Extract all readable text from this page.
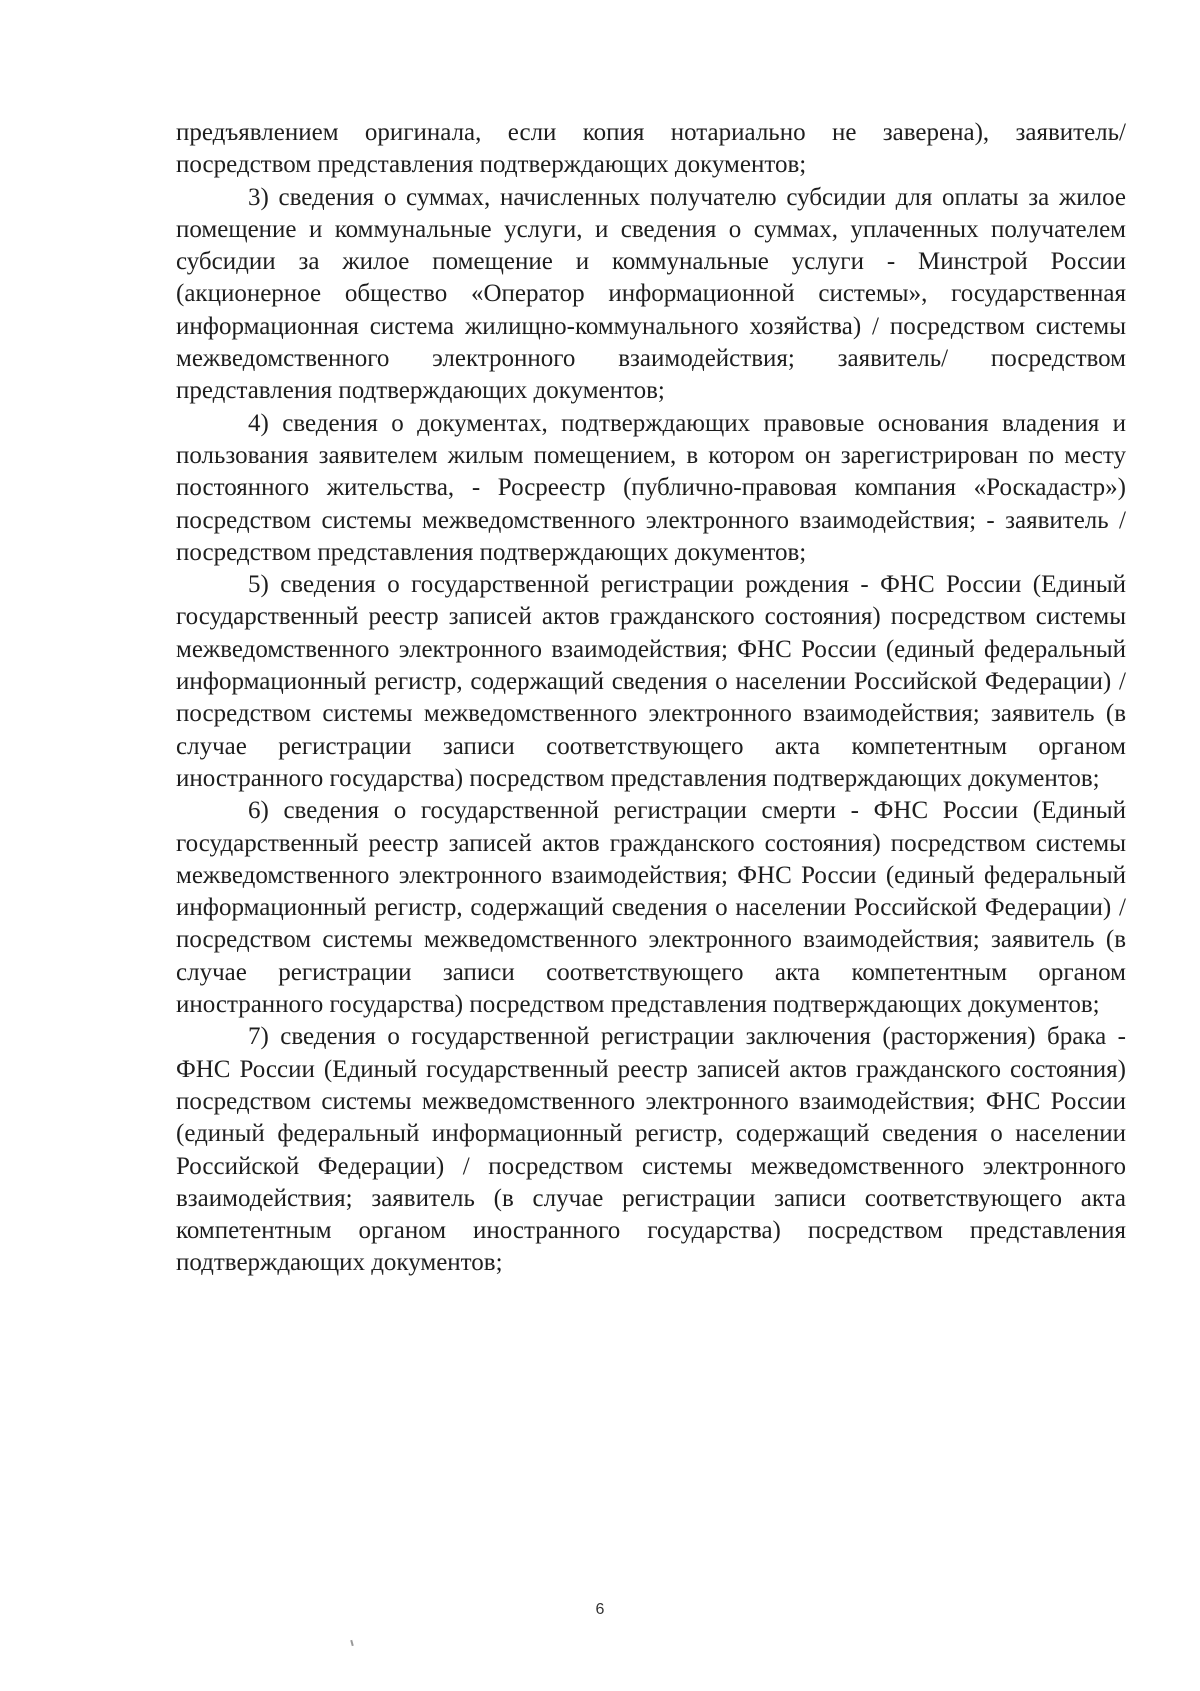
предъявлением оригинала, если копия нотариально не заверена), заявитель/ посредством представления подтверждающих документов;

3) сведения о суммах, начисленных получателю субсидии для оплаты за жилое помещение и коммунальные услуги, и сведения о суммах, уплаченных получателем субсидии за жилое помещение и коммунальные услуги - Минстрой России (акционерное общество «Оператор информационной системы», государственная информационная система жилищно-коммунального хозяйства) / посредством системы межведомственного электронного взаимодействия; заявитель/ посредством представления подтверждающих документов;

4) сведения о документах, подтверждающих правовые основания владения и пользования заявителем жилым помещением, в котором он зарегистрирован по месту постоянного жительства, - Росреестр (публично-правовая компания «Роскадастр») посредством системы межведомственного электронного взаимодействия; - заявитель / посредством представления подтверждающих документов;

5) сведения о государственной регистрации рождения - ФНС России (Единый государственный реестр записей актов гражданского состояния) посредством системы межведомственного электронного взаимодействия; ФНС России (единый федеральный информационный регистр, содержащий сведения о населении Российской Федерации) / посредством системы межведомственного электронного взаимодействия; заявитель (в случае регистрации записи соответствующего акта компетентным органом иностранного государства) посредством представления подтверждающих документов;

6) сведения о государственной регистрации смерти - ФНС России (Единый государственный реестр записей актов гражданского состояния) посредством системы межведомственного электронного взаимодействия; ФНС России (единый федеральный информационный регистр, содержащий сведения о населении Российской Федерации) / посредством системы межведомственного электронного взаимодействия; заявитель (в случае регистрации записи соответствующего акта компетентным органом иностранного государства) посредством представления подтверждающих документов;

7) сведения о государственной регистрации заключения (расторжения) брака - ФНС России (Единый государственный реестр записей актов гражданского состояния) посредством системы межведомственного электронного взаимодействия; ФНС России (единый федеральный информационный регистр, содержащий сведения о населении Российской Федерации) / посредством системы межведомственного электронного взаимодействия; заявитель (в случае регистрации записи соответствующего акта компетентным органом иностранного государства) посредством представления подтверждающих документов;

6
